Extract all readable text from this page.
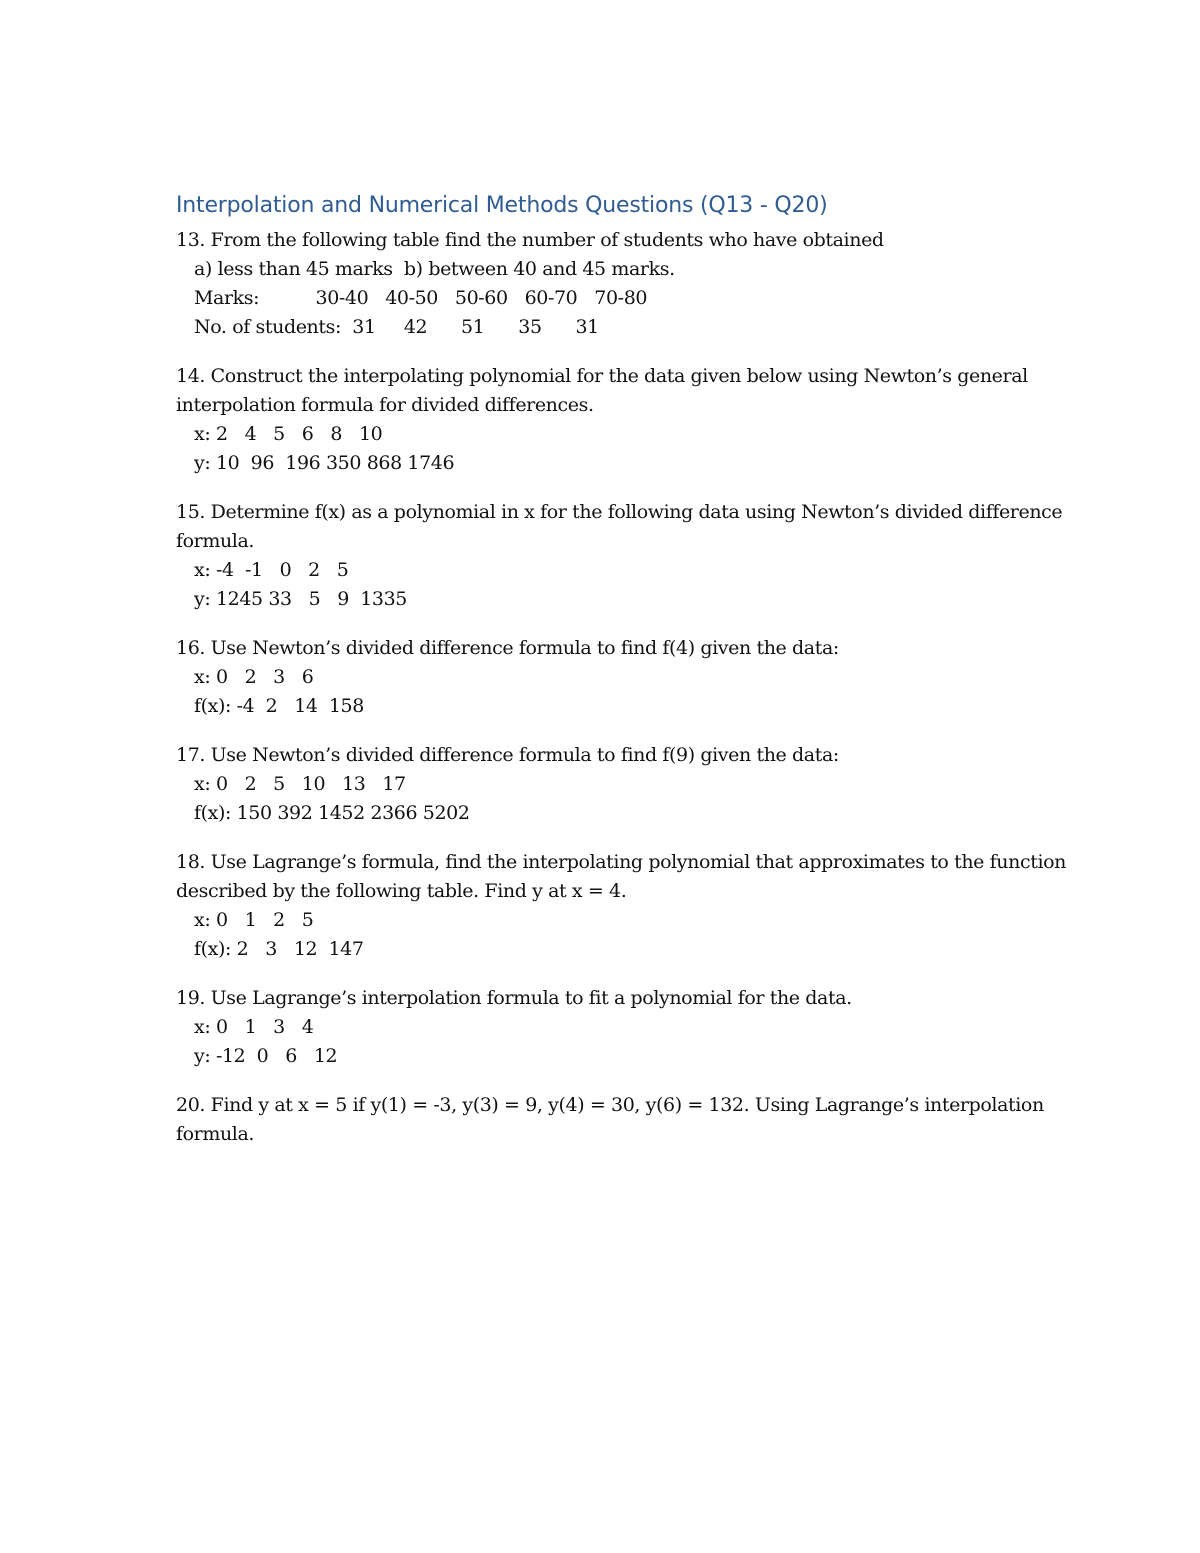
Interpolation and Numerical Methods Questions (Q13 - Q20)

13. From the following table find the number of students who have obtained

a) less than 45 marks  b) between 40 and 45 marks.

Marks:          30-40   40-50   50-60   60-70   70-80

No. of students:  31     42      51      35      31

14. Construct the interpolating polynomial for the data given below using Newton’s general interpolation formula for divided differences.

x: 2   4   5   6   8   10

y: 10  96  196 350 868 1746

15. Determine f(x) as a polynomial in x for the following data using Newton’s divided difference formula.

x: -4  -1   0   2   5

y: 1245 33   5   9  1335

16. Use Newton’s divided difference formula to find f(4) given the data:

x: 0   2   3   6

f(x): -4  2   14  158

17. Use Newton’s divided difference formula to find f(9) given the data:

x: 0   2   5   10   13   17

f(x): 150 392 1452 2366 5202

18. Use Lagrange’s formula, find the interpolating polynomial that approximates to the function described by the following table. Find y at x = 4.

x: 0   1   2   5

f(x): 2   3   12  147

19. Use Lagrange’s interpolation formula to fit a polynomial for the data.

x: 0   1   3   4

y: -12  0   6   12

20. Find y at x = 5 if y(1) = -3, y(3) = 9, y(4) = 30, y(6) = 132. Using Lagrange’s interpolation formula.
